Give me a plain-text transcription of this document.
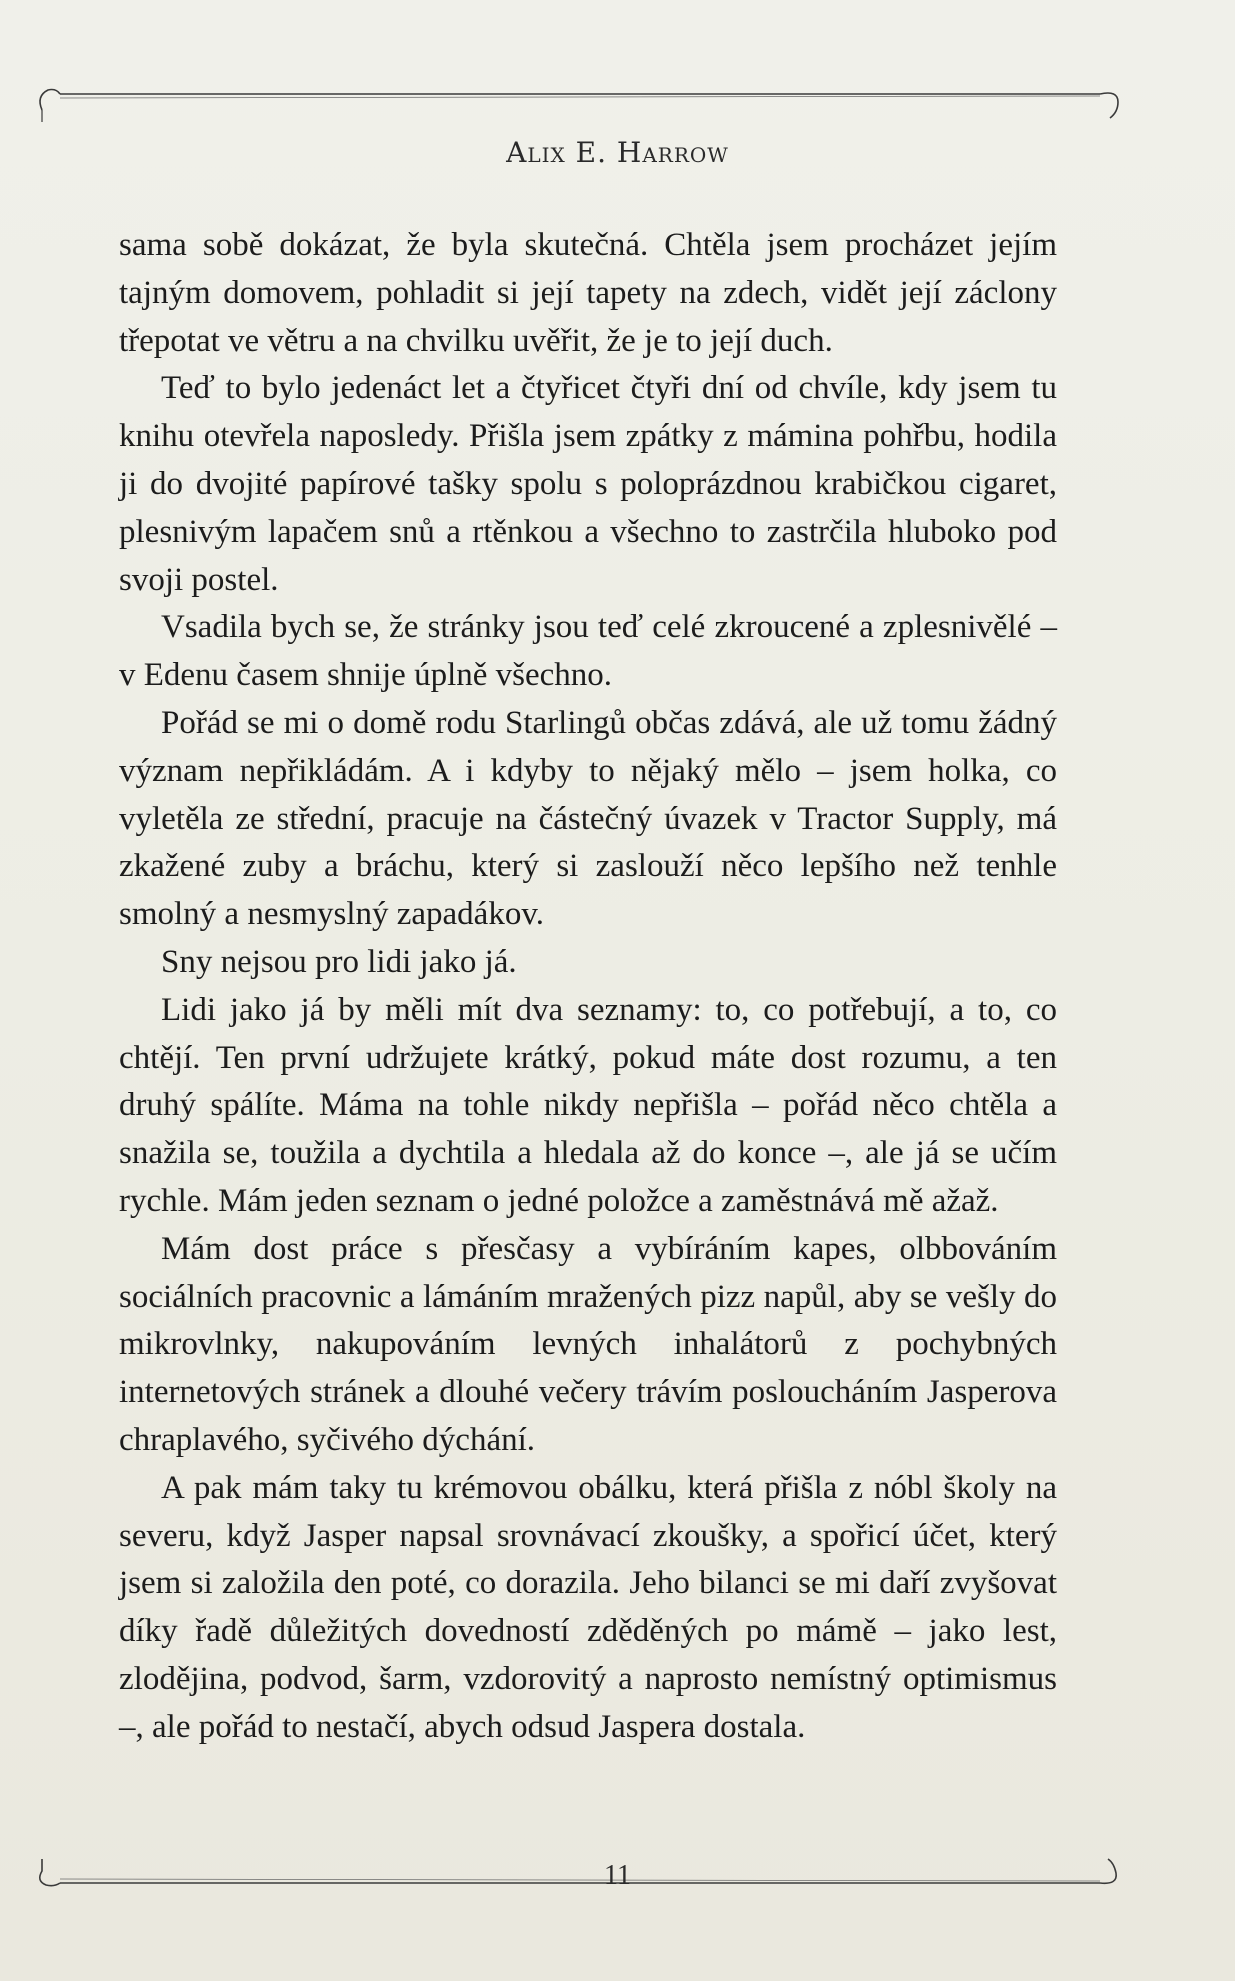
Alix E. Harrow

sama sobě dokázat, že byla skutečná. Chtěla jsem procházet jejím tajným domovem, pohladit si její tapety na zdech, vidět její záclony třepotat ve větru a na chvilku uvěřit, že je to její duch.

Teď to bylo jedenáct let a čtyřicet čtyři dní od chvíle, kdy jsem tu knihu otevřela naposledy. Přišla jsem zpátky z mámina pohřbu, hodila ji do dvojité papírové tašky spolu s poloprázdnou krabičkou cigaret, plesnivým lapačem snů a rtěnkou a všechno to zastrčila hluboko pod svoji postel.

Vsadila bych se, že stránky jsou teď celé zkroucené a zplesnivělé – v Edenu časem shnije úplně všechno.

Pořád se mi o domě rodu Starlingů občas zdává, ale už tomu žádný význam nepřikládám. A i kdyby to nějaký mělo – jsem holka, co vyletěla ze střední, pracuje na částečný úvazek v Tractor Supply, má zkažené zuby a bráchu, který si zaslouží něco lepšího než tenhle smolný a nesmyslný zapadákov.

Sny nejsou pro lidi jako já.

Lidi jako já by měli mít dva seznamy: to, co potřebují, a to, co chtějí. Ten první udržujete krátký, pokud máte dost rozumu, a ten druhý spálíte. Máma na tohle nikdy nepřišla – pořád něco chtěla a snažila se, toužila a dychtila a hledala až do konce –, ale já se učím rychle. Mám jeden seznam o jedné položce a zaměstnává mě ažaž.

Mám dost práce s přesčasy a vybíráním kapes, olbbováním sociálních pracovnic a lámáním mražených pizz napůl, aby se vešly do mikrovlnky, nakupováním levných inhalátorů z pochybných internetových stránek a dlouhé večery trávím posloucháním Jasperova chraplavého, syčivého dýchání.

A pak mám taky tu krémovou obálku, která přišla z nóbl školy na severu, když Jasper napsal srovnávací zkoušky, a spořicí účet, který jsem si založila den poté, co dorazila. Jeho bilanci se mi daří zvyšovat díky řadě důležitých dovedností zděděných po mámě – jako lest, zlodějina, podvod, šarm, vzdorovitý a naprosto nemístný optimismus –, ale pořád to nestačí, abych odsud Jaspera dostala.

11
